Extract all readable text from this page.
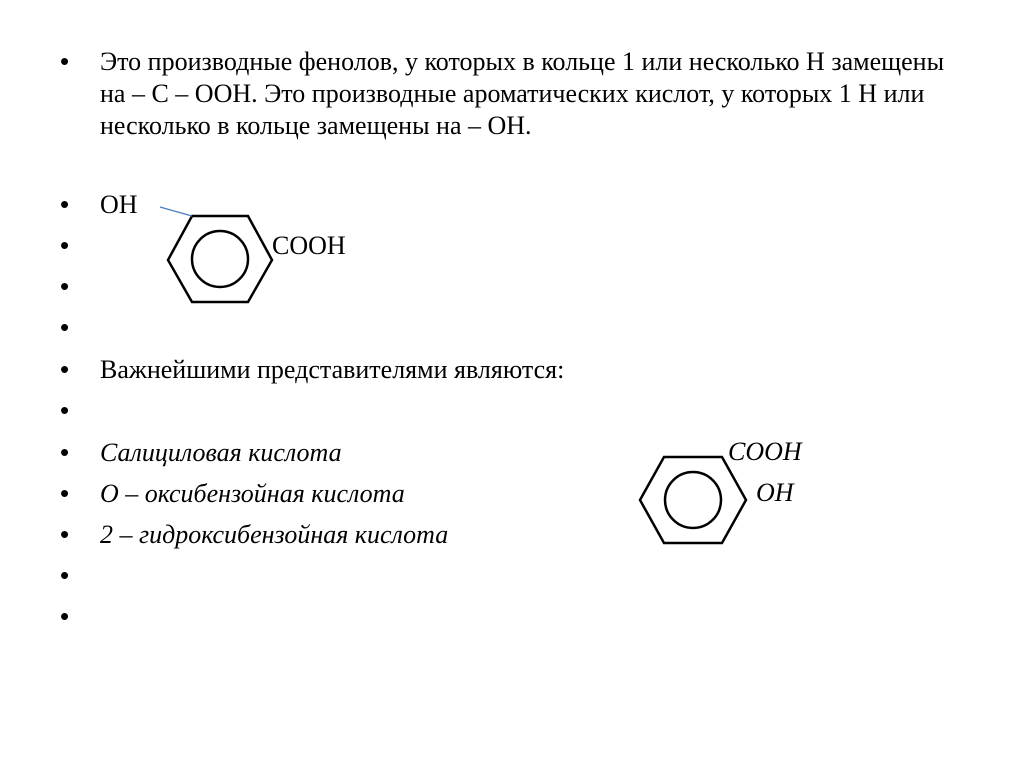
•
•
•
•
•
•
•
•
•
•
•
•
Это производные фенолов, у которых в кольце 1 или несколько Н замещены на – С – ООН. Это производные ароматических кислот, у которых 1 Н или несколько в кольце замещены на – ОН.
OH
COOH
Важнейшими представителями являются:
Салициловая кислота
О – оксибензойная кислота
2 – гидроксибензойная кислота
COOH
OH
